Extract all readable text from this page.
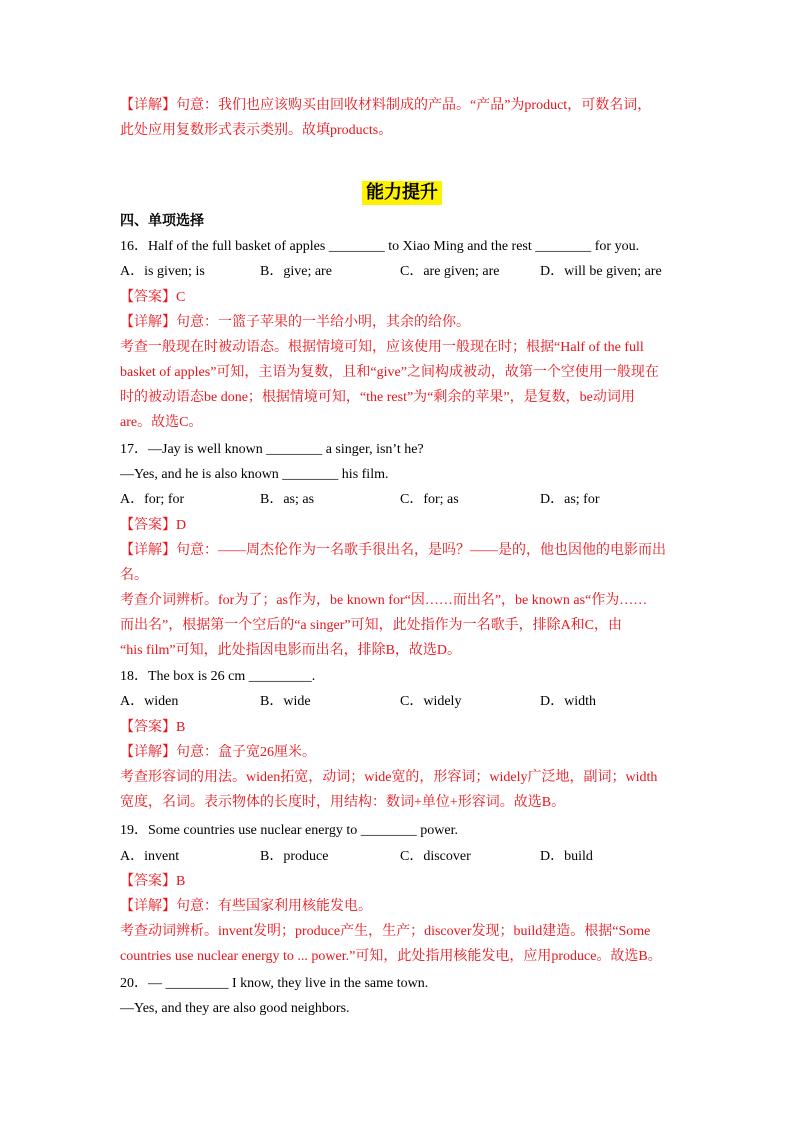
【详解】句意：我们也应该购买由回收材料制成的产品。“产品”为product，可数名词，
此处应用复数形式表示类别。故填products。
能力提升
四、单项选择
16．Half of the full basket of apples ________ to Xiao Ming and the rest ________ for you.
A．is given; is	B．give; are	C．are given; are	D．will be given; are
【答案】C
【详解】句意：一篮子苹果的一半给小明，其余的给你。
考查一般现在时被动语态。根据情境可知，应该使用一般现在时；根据“Half of the full
basket of apples”可知，主语为复数，且和“give”之间构成被动，故第一个空使用一般现在
时的被动语态be done；根据情境可知，“the rest”为“剩余的苹果”，是复数，be动词用
are。故选C。
17．—Jay is well known ________ a singer, isn’t he?
—Yes, and he is also known ________ his film.
A．for; for	B．as; as	C．for; as	D．as; for
【答案】D
【详解】句意：——周杰伦作为一名歌手很出名，是吗？——是的，他也因他的电影而出
名。
考查介词辨析。for为了；as作为，be known for“因……而出名”，be known as“作为……
而出名”，根据第一个空后的“a singer”可知，此处指作为一名歌手，排除A和C，由
“his film”可知，此处指因电影而出名，排除B，故选D。
18．The box is 26 cm _________.
A．widen	B．wide	C．widely	D．width
【答案】B
【详解】句意：盒子宽26厘米。
考查形容词的用法。widen拓宽，动词；wide宽的，形容词；widely广泛地，副词；width
宽度，名词。表示物体的长度时，用结构：数词+单位+形容词。故选B。
19．Some countries use nuclear energy to ________ power.
A．invent	B．produce	C．discover	D．build
【答案】B
【详解】句意：有些国家利用核能发电。
考查动词辨析。invent发明；produce产生，生产；discover发现；build建造。根据“Some
countries use nuclear energy to ... power.”可知，此处指用核能发电，应用produce。故选B。
20．— _________ I know, they live in the same town.
—Yes, and they are also good neighbors.
